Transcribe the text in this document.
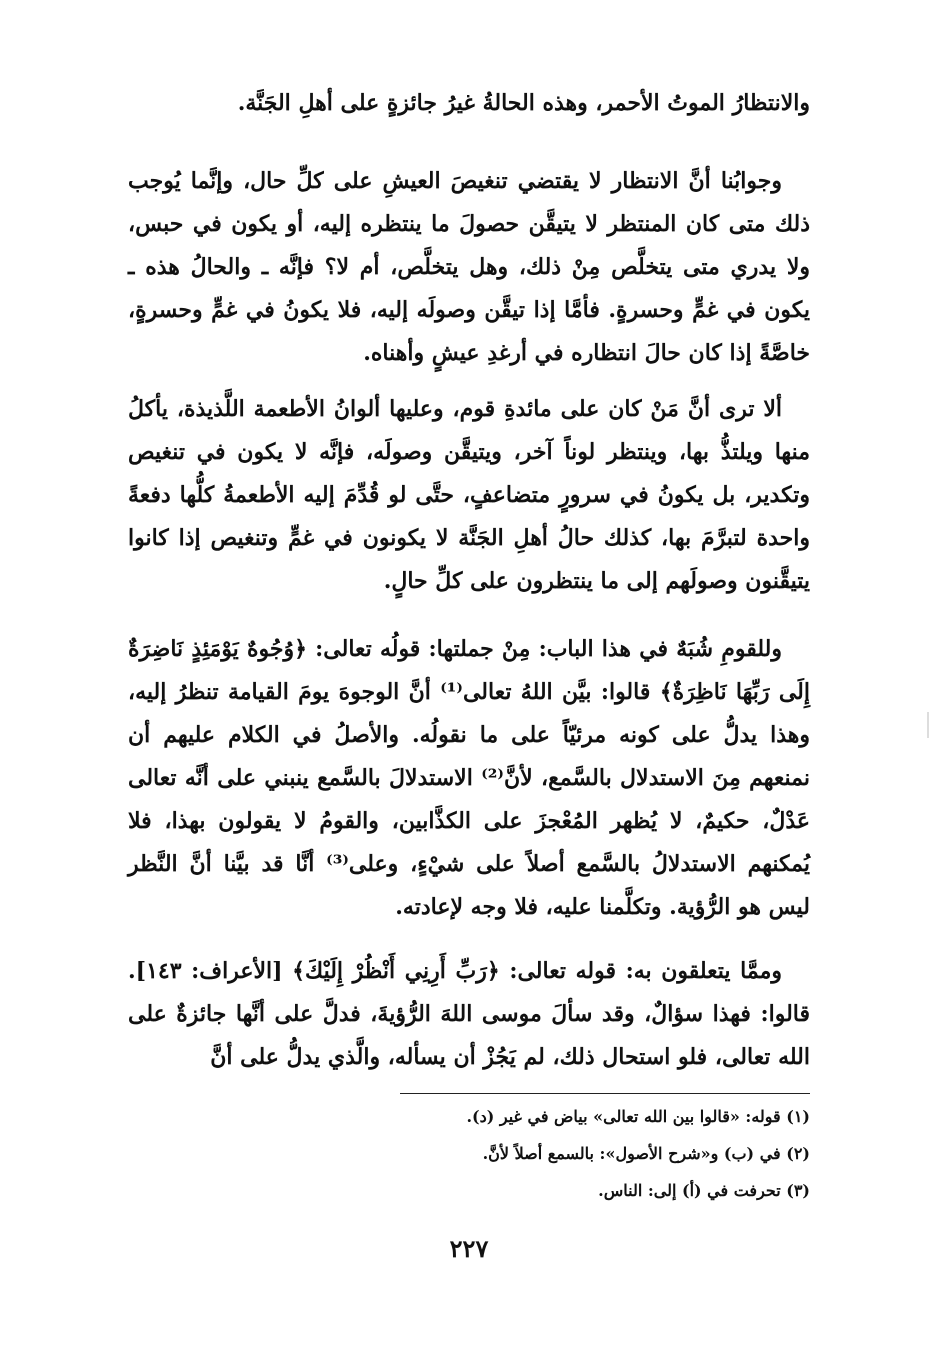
والانتظارُ الموتُ الأحمر، وهذه الحالةُ غيرُ جائزةٍ على أهلِ الجَنَّة.

وجوابُنا أنَّ الانتظار لا يقتضي تنغيصَ العيشِ على كلِّ حال، وإنَّما يُوجب ذلك متى كان المنتظر لا يتيقَّن حصولَ ما ينتظره إليه، أو يكون في حبس، ولا يدري متى يتخلَّص مِنْ ذلك، وهل يتخلَّص، أم لا؟ فإنَّه ـ والحالُ هذه ـ يكون في غمٍّ وحسرةٍ. فأمَّا إذا تيقَّن وصولَه إليه، فلا يكونُ في غمٍّ وحسرةٍ، خاصَّةً إذا كان حالَ انتظاره في أرغدِ عيشٍ وأهناه.

ألا ترى أنَّ مَنْ كان على مائدةِ قوم، وعليها ألوانُ الأطعمة اللَّذيذة، يأكلُ منها ويلتذُّ بها، وينتظر لوناً آخر، ويتيقَّن وصولَه، فإنَّه لا يكون في تنغيص وتكدير، بل يكونُ في سرورٍ متضاعفٍ، حتَّى لو قُدِّمَ إليه الأطعمةُ كلُّها دفعةً واحدة لتبرَّمَ بها، كذلك حالُ أهلِ الجَنَّة لا يكونون في غمٍّ وتنغيص إذا كانوا يتيقَّنون وصولَهم إلى ما ينتظرون على كلِّ حالٍ.

وللقومِ شُبَهٌ في هذا الباب: مِنْ جملتها: قولُه تعالى: ﴿وُجُوهٌ يَوْمَئِذٍ نَاضِرَةٌ إِلَى رَبِّهَا نَاظِرَةٌ﴾ قالوا: بيَّن اللهُ تعالى⁽¹⁾ أنَّ الوجوهَ يومَ القيامة تنظرُ إليه، وهذا يدلُّ على كونه مرئيّاً على ما نقولُه. والأصلُ في الكلام عليهم أن نمنعهم مِنَ الاستدلال بالسَّمع، لأنَّ⁽²⁾ الاستدلالَ بالسَّمع ينبني على أنَّه تعالى عَدْلٌ، حكيمٌ، لا يُظهر المُعْجزَ على الكذَّابين، والقومُ لا يقولون بهذا، فلا يُمكنهم الاستدلالُ بالسَّمع أصلاً على شيْءٍ، وعلى⁽³⁾ أنَّا قد بيَّنا أنَّ النَّظر ليس هو الرُّؤية. وتكلَّمنا عليه، فلا وجه لإعادته.

وممَّا يتعلقون به: قوله تعالى: ﴿رَبِّ أَرِنِي أَنْظُرْ إِلَيْكَ﴾ [الأعراف: ١٤٣]. قالوا: فهذا سؤالٌ، وقد سألَ موسى اللهَ الرُّؤيةَ، فدلَّ على أنَّها جائزةٌ على الله تعالى، فلو استحال ذلك، لم يَجُزْ أن يسأله، والَّذي يدلُّ على أنَّ

(١) قوله: «قالوا بين الله تعالى» بياض في غير (د).

(٢) في (ب) و«شرح الأصول»: بالسمع أصلاً لأنَّ.

(٣) تحرفت في (أ) إلى: الناس.

٢٢٧
